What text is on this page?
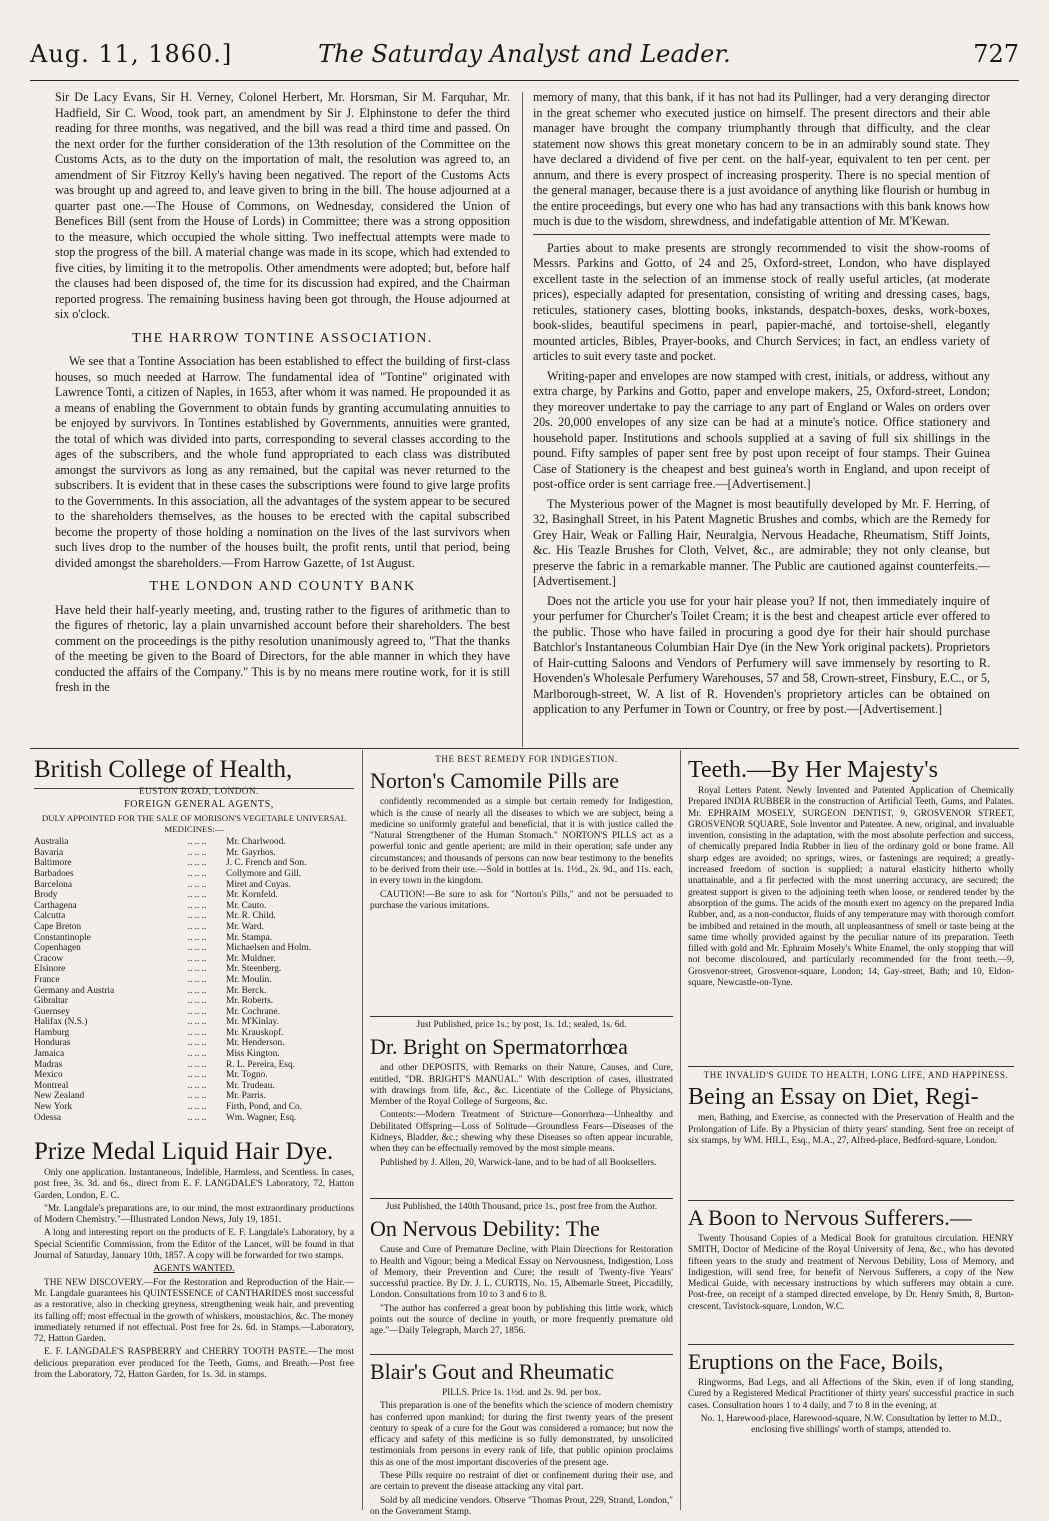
Aug. 11, 1860.]	The Saturday Analyst and Leader.	727

Sir De Lacy Evans, Sir H. Verney, Colonel Herbert, Mr. Horsman, Sir M. Farquhar, Mr. Hadfield, Sir C. Wood, took part, an amendment by Sir J. Elphinstone to defer the third reading for three months, was negatived, and the bill was read a third time and passed. On the next order for the further consideration of the 13th resolution of the Committee on the Customs Acts, as to the duty on the importation of malt, the resolution was agreed to, an amendment of Sir Fitzroy Kelly's having been negatived. The report of the Customs Acts was brought up and agreed to, and leave given to bring in the bill. The house adjourned at a quarter past one.—The House of Commons, on Wednesday, considered the Union of Benefices Bill (sent from the House of Lords) in Committee; there was a strong opposition to the measure, which occupied the whole sitting. Two ineffectual attempts were made to stop the progress of the bill. A material change was made in its scope, which had extended to five cities, by limiting it to the metropolis. Other amendments were adopted; but, before half the clauses had been disposed of, the time for its discussion had expired, and the Chairman reported progress. The remaining business having been got through, the House adjourned at six o'clock.

THE HARROW TONTINE ASSOCIATION.

We see that a Tontine Association has been established to effect the building of first-class houses, so much needed at Harrow. The fundamental idea of "Tontine" originated with Lawrence Tonti, a citizen of Naples, in 1653, after whom it was named. He propounded it as a means of enabling the Government to obtain funds by granting accumulating annuities to be enjoyed by survivors. In Tontines established by Governments, annuities were granted, the total of which was divided into parts, corresponding to several classes according to the ages of the subscribers, and the whole fund appropriated to each class was distributed amongst the survivors as long as any remained, but the capital was never returned to the subscribers. It is evident that in these cases the subscriptions were found to give large profits to the Governments. In this association, all the advantages of the system appear to be secured to the shareholders themselves, as the houses to be erected with the capital subscribed become the property of those holding a nomination on the lives of the last survivors when such lives drop to the number of the houses built, the profit rents, until that period, being divided amongst the shareholders.—From Harrow Gazette, of 1st August.

THE LONDON AND COUNTY BANK

Have held their half-yearly meeting, and, trusting rather to the figures of arithmetic than to the figures of rhetoric, lay a plain unvarnished account before their shareholders. The best comment on the proceedings is the pithy resolution unanimously agreed to, "That the thanks of the meeting be given to the Board of Directors, for the able manner in which they have conducted the affairs of the Company." This is by no means mere routine work, for it is still fresh in the

memory of many, that this bank, if it has not had its Pullinger, had a very deranging director in the great schemer who executed justice on himself. The present directors and their able manager have brought the company triumphantly through that difficulty, and the clear statement now shows this great monetary concern to be in an admirably sound state. They have declared a dividend of five per cent. on the half-year, equivalent to ten per cent. per annum, and there is every prospect of increasing prosperity. There is no special mention of the general manager, because there is a just avoidance of anything like flourish or humbug in the entire proceedings, but every one who has had any transactions with this bank knows how much is due to the wisdom, shrewdness, and indefatigable attention of Mr. M'Kewan.

Parties about to make presents are strongly recommended to visit the show-rooms of Messrs. Parkins and Gotto, of 24 and 25, Oxford-street, London, who have displayed excellent taste in the selection of an immense stock of really useful articles, (at moderate prices), especially adapted for presentation, consisting of writing and dressing cases, bags, reticules, stationery cases, blotting books, inkstands, despatch-boxes, desks, work-boxes, book-slides, beautiful specimens in pearl, papier-maché, and tortoise-shell, elegantly mounted articles, Bibles, Prayer-books, and Church Services; in fact, an endless variety of articles to suit every taste and pocket.

Writing-paper and envelopes are now stamped with crest, initials, or address, without any extra charge, by Parkins and Gotto, paper and envelope makers, 25, Oxford-street, London; they moreover undertake to pay the carriage to any part of England or Wales on orders over 20s. 20,000 envelopes of any size can be had at a minute's notice. Office stationery and household paper. Institutions and schools supplied at a saving of full six shillings in the pound. Fifty samples of paper sent free by post upon receipt of four stamps. Their Guinea Case of Stationery is the cheapest and best guinea's worth in England, and upon receipt of post-office order is sent carriage free.—[Advertisement.]

The Mysterious power of the Magnet is most beautifully developed by Mr. F. Herring, of 32, Basinghall Street, in his Patent Magnetic Brushes and combs, which are the Remedy for Grey Hair, Weak or Falling Hair, Neuralgia, Nervous Headache, Rheumatism, Stiff Joints, &c. His Teazle Brushes for Cloth, Velvet, &c., are admirable; they not only cleanse, but preserve the fabric in a remarkable manner. The Public are cautioned against counterfeits.—[Advertisement.]

Does not the article you use for your hair please you? If not, then immediately inquire of your perfumer for Churcher's Toilet Cream; it is the best and cheapest article ever offered to the public. Those who have failed in procuring a good dye for their hair should purchase Batchlor's Instantaneous Columbian Hair Dye (in the New York original packets). Proprietors of Hair-cutting Saloons and Vendors of Perfumery will save immensely by resorting to R. Hovenden's Wholesale Perfumery Warehouses, 57 and 58, Crown-street, Finsbury, E.C., or 5, Marlborough-street, W. A list of R. Hovenden's proprietory articles can be obtained on application to any Perfumer in Town or Country, or free by post.—[Advertisement.]

British College of Health,

EUSTON ROAD, LONDON.

FOREIGN GENERAL AGENTS,

DULY APPOINTED FOR THE SALE OF MORISON'S VEGETABLE UNIVERSAL MEDICINES:—

Australia	.. .. ..	Mr. Charlwood.
Bavaria	.. .. ..	Mr. Gayrhos.
Baltimore	.. .. ..	J. C. French and Son.
Barbadoes	.. .. ..	Collymore and Gill.
Barcelona	.. .. ..	Miret and Cuyas.
Brody	.. .. ..	Mr. Kornfeld.
Carthagena	.. .. ..	Mr. Cauto.
Calcutta	.. .. ..	Mr. R. Child.
Cape Breton	.. .. ..	Mr. Ward.
Constantinople	.. .. ..	Mr. Stampa.
Copenhagen	.. .. ..	Michaelsen and Holm.
Cracow	.. .. ..	Mr. Muldner.
Elsinore	.. .. ..	Mr. Steenberg.
France	.. .. ..	Mr. Moulin.
Germany and Austria	.. .. ..	Mr. Berck.
Gibraltar	.. .. ..	Mr. Roberts.
Guernsey	.. .. ..	Mr. Cochrane.
Halifax (N.S.)	.. .. ..	Mr. M'Kinlay.
Hamburg	.. .. ..	Mr. Krauskopf.
Honduras	.. .. ..	Mr. Henderson.
Jamaica	.. .. ..	Miss Kington.
Madras	.. .. ..	R. L. Pereira, Esq.
Mexico	.. .. ..	Mr. Togno.
Montreal	.. .. ..	Mr. Trudeau.
New Zealand	.. .. ..	Mr. Parris.
New York	.. .. ..	Firth, Pond, and Co.
Odessa	.. .. ..	Wm. Wagner, Esq.
Prize Medal Liquid Hair Dye.

Only one application. Instantaneous, Indelible, Harmless, and Scentless. In cases, post free, 3s. 3d. and 6s., direct from E. F. LANGDALE'S Laboratory, 72, Hatton Garden, London, E. C.

"Mr. Langdale's preparations are, to our mind, the most extraordinary productions of Modern Chemistry."—Illustrated London News, July 19, 1851.

A long and interesting report on the products of E. F. Langdale's Laboratory, by a Special Scientific Commission, from the Editor of the Lancet, will be found in that Journal of Saturday, January 10th, 1857. A copy will be forwarded for two stamps.

AGENTS WANTED.

THE NEW DISCOVERY.—For the Restoration and Reproduction of the Hair.—Mr. Langdale guarantees his QUINTESSENCE of CANTHARIDES most successful as a restorative, also in checking greyness, strengthening weak hair, and preventing its falling off; most effectual in the growth of whiskers, moustachios, &c. The money immediately returned if not effectual. Post free for 2s. 6d. in Stamps.—Laboratory, 72, Hatton Garden.

E. F. LANGDALE'S RASPBERRY and CHERRY TOOTH PASTE.—The most delicious preparation ever produced for the Teeth, Gums, and Breath.—Post free from the Laboratory, 72, Hatton Garden, for 1s. 3d. in stamps.

THE BEST REMEDY FOR INDIGESTION.

Norton's Camomile Pills are

confidently recommended as a simple but certain remedy for Indigestion, which is the cause of nearly all the diseases to which we are subject, being a medicine so uniformly grateful and beneficial, that it is with justice called the "Natural Strengthener of the Human Stomach." NORTON'S PILLS act as a powerful tonic and gentle aperient; are mild in their operation; safe under any circumstances; and thousands of persons can now bear testimony to the benefits to be derived from their use.—Sold in bottles at 1s. 1½d., 2s. 9d., and 11s. each, in every town in the kingdom.

CAUTION!—Be sure to ask for "Norton's Pills," and not be persuaded to purchase the various imitations.

Just Published, price 1s.; by post, 1s. 1d.; sealed, 1s. 6d.

Dr. Bright on Spermatorrhœa

and other DEPOSITS, with Remarks on their Nature, Causes, and Cure, entitled, "DR. BRIGHT'S MANUAL." With description of cases, illustrated with drawings from life, &c., &c. Licentiate of the College of Physicians, Member of the Royal College of Surgeons, &c.

Contents:—Modern Treatment of Stricture—Gonorrhœa—Unhealthy and Debilitated Offspring—Loss of Solitude—Groundless Fears—Diseases of the Kidneys, Bladder, &c.; shewing why these Diseases so often appear incurable, when they can be effectually removed by the most simple means.

Published by J. Allen, 20, Warwick-lane, and to be had of all Booksellers.

Just Published, the 140th Thousand, price 1s., post free from the Author.

On Nervous Debility: The

Cause and Cure of Premature Decline, with Plain Directions for Restoration to Health and Vigour; being a Medical Essay on Nervousness, Indigestion, Loss of Memory, their Prevention and Cure; the result of Twenty-five Years' successful practice. By Dr. J. L. CURTIS, No. 15, Albemarle Street, Piccadilly, London. Consultations from 10 to 3 and 6 to 8.

"The author has conferred a great boon by publishing this little work, which points out the source of decline in youth, or more frequently premature old age."—Daily Telegraph, March 27, 1856.

Blair's Gout and Rheumatic

PILLS. Price 1s. 1½d. and 2s. 9d. per box.

This preparation is one of the benefits which the science of modern chemistry has conferred upon mankind; for during the first twenty years of the present century to speak of a cure for the Gout was considered a romance; but now the efficacy and safety of this medicine is so fully demonstrated, by unsolicited testimonials from persons in every rank of life, that public opinion proclaims this as one of the most important discoveries of the present age.

These Pills require no restraint of diet or confinement during their use, and are certain to prevent the disease attacking any vital part.

Sold by all medicine vendors. Observe "Thomas Prout, 229, Strand, London," on the Government Stamp.

Teeth.—By Her Majesty's

Royal Letters Patent. Newly Invented and Patented Application of Chemically Prepared INDIA RUBBER in the construction of Artificial Teeth, Gums, and Palates. Mr. EPHRAIM MOSELY, SURGEON DENTIST, 9, GROSVENOR STREET, GROSVENOR SQUARE, Sole Inventor and Patentee. A new, original, and invaluable invention, consisting in the adaptation, with the most absolute perfection and success, of chemically prepared India Rubber in lieu of the ordinary gold or bone frame. All sharp edges are avoided; no springs, wires, or fastenings are required; a greatly-increased freedom of suction is supplied; a natural elasticity hitherto wholly unattainable, and a fit perfected with the most unerring accuracy, are secured; the greatest support is given to the adjoining teeth when loose, or rendered tender by the absorption of the gums. The acids of the mouth exert no agency on the prepared India Rubber, and, as a non-conductor, fluids of any temperature may with thorough comfort be imbibed and retained in the mouth, all unpleasantness of smell or taste being at the same time wholly provided against by the peculiar nature of its preparation. Teeth filled with gold and Mr. Ephraim Mosely's White Enamel, the only stopping that will not become discoloured, and particularly recommended for the front teeth.—9, Grosvenor-street, Grosvenor-square, London; 14, Gay-street, Bath; and 10, Eldon-square, Newcastle-on-Tyne.

THE INVALID'S GUIDE TO HEALTH, LONG LIFE, AND HAPPINESS.

Being an Essay on Diet, Regi-

men, Bathing, and Exercise, as connected with the Preservation of Health and the Prolongation of Life. By a Physician of thirty years' standing. Sent free on receipt of six stamps, by WM. HILL, Esq., M.A., 27, Alfred-place, Bedford-square, London.

A Boon to Nervous Sufferers.—

Twenty Thousand Copies of a Medical Book for gratuitous circulation. HENRY SMITH, Doctor of Medicine of the Royal University of Jena, &c., who has devoted fifteen years to the study and treatment of Nervous Debility, Loss of Memory, and Indigestion, will send free, for benefit of Nervous Sufferers, a copy of the New Medical Guide, with necessary instructions by which sufferers may obtain a cure. Post-free, on receipt of a stamped directed envelope, by Dr. Henry Smith, 8, Burton-crescent, Tavistock-square, London, W.C.

Eruptions on the Face, Boils,

Ringworms, Bad Legs, and all Affections of the Skin, even if of long standing, Cured by a Registered Medical Practitioner of thirty years' successful practice in such cases. Consultation hours 1 to 4 daily, and 7 to 8 in the evening, at

No. 1, Harewood-place, Harewood-square, N.W. Consultation by letter to M.D., enclosing five shillings' worth of stamps, attended to.
